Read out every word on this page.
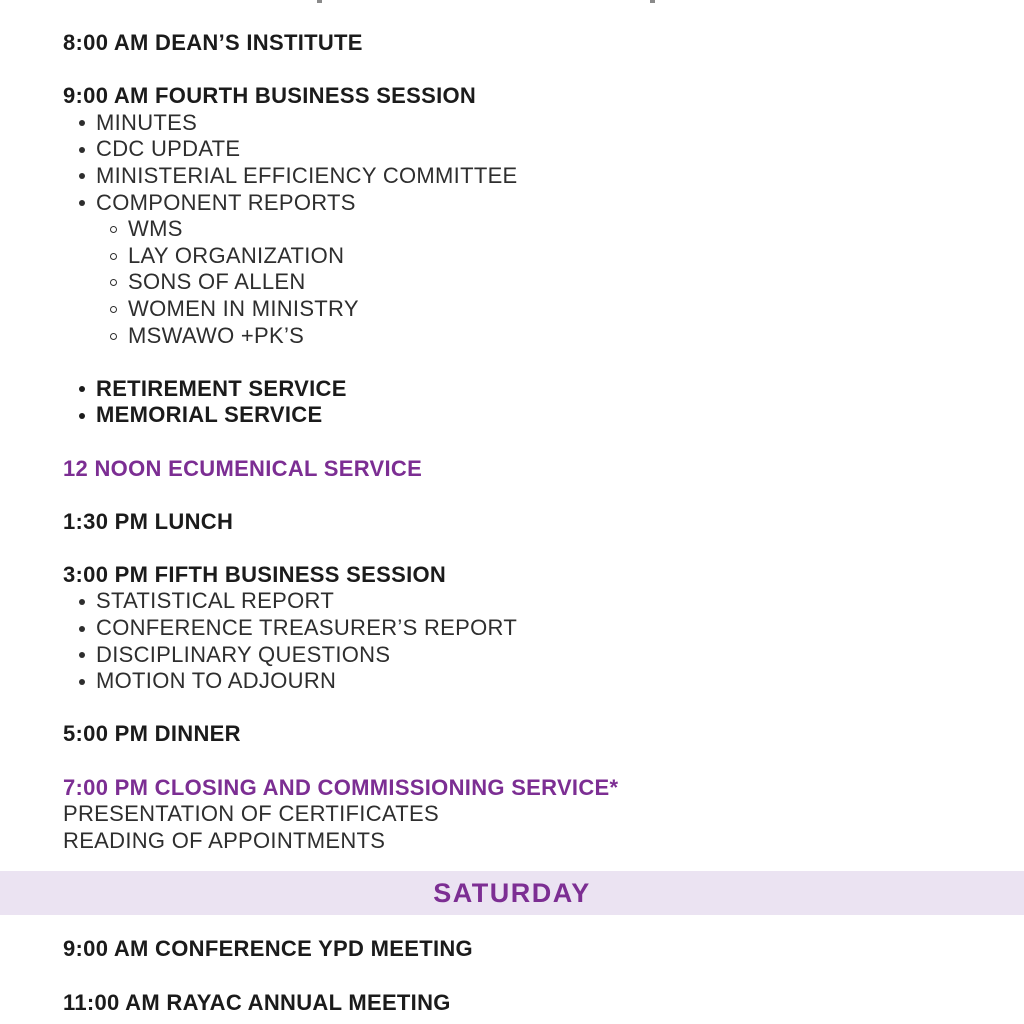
8:00 AM DEAN’S INSTITUTE

9:00 AM FOURTH BUSINESS SESSION

MINUTES
CDC UPDATE
MINISTERIAL EFFICIENCY COMMITTEE
COMPONENT REPORTS
WMS
LAY ORGANIZATION
SONS OF ALLEN
WOMEN IN MINISTRY
MSWAWO +PK’S
RETIREMENT SERVICE
MEMORIAL SERVICE

12 NOON ECUMENICAL SERVICE

1:30 PM LUNCH

3:00 PM FIFTH BUSINESS SESSION

STATISTICAL REPORT
CONFERENCE TREASURER’S REPORT
DISCIPLINARY QUESTIONS
MOTION TO ADJOURN

5:00 PM DINNER

7:00 PM CLOSING AND COMMISSIONING SERVICE*

PRESENTATION OF CERTIFICATES

READING OF APPOINTMENTS

SATURDAY

9:00 AM CONFERENCE YPD MEETING

11:00 AM RAYAC ANNUAL MEETING
